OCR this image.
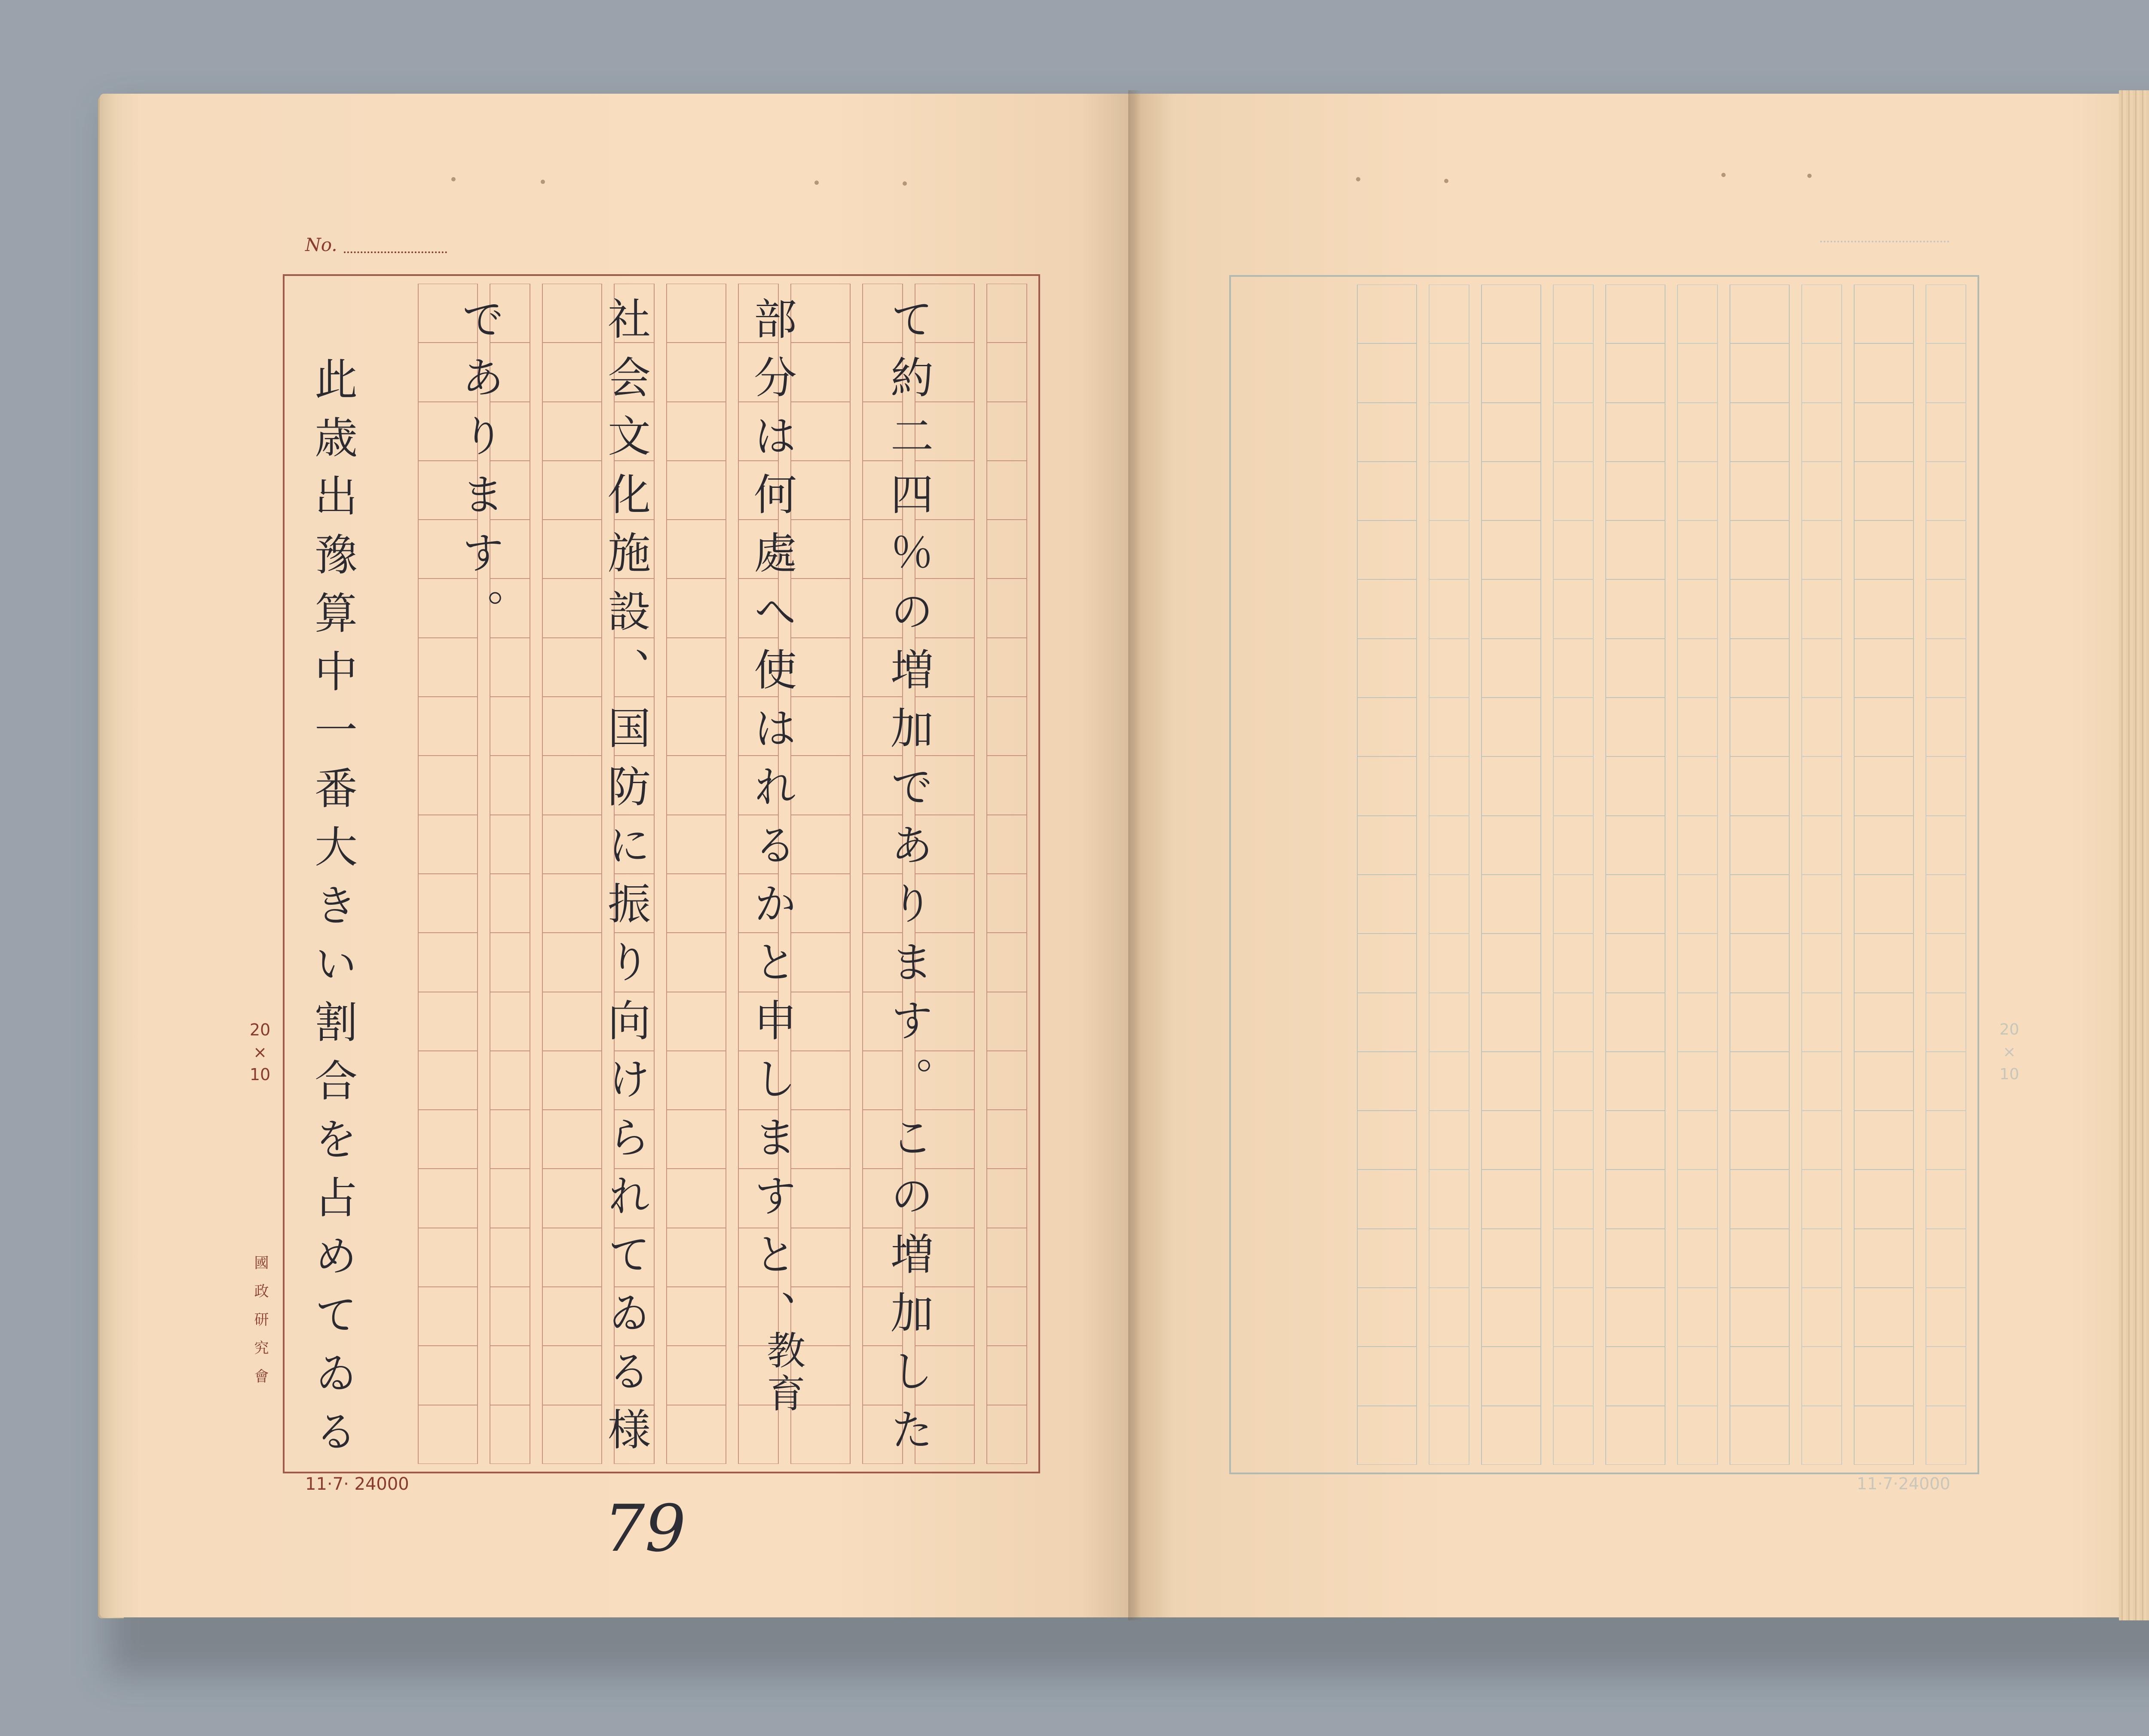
No.
20
×
10
國政研究會
11·7· 24000
て約二四％の増加であります。この増加した
部分は何處へ使はれるかと申しますと、
社会文化施設、国防に振り向けられてゐる様
であります。
此歳出豫算中一番大きい割合を占めてゐる	教育
79
20
×
10
11·7·24000
